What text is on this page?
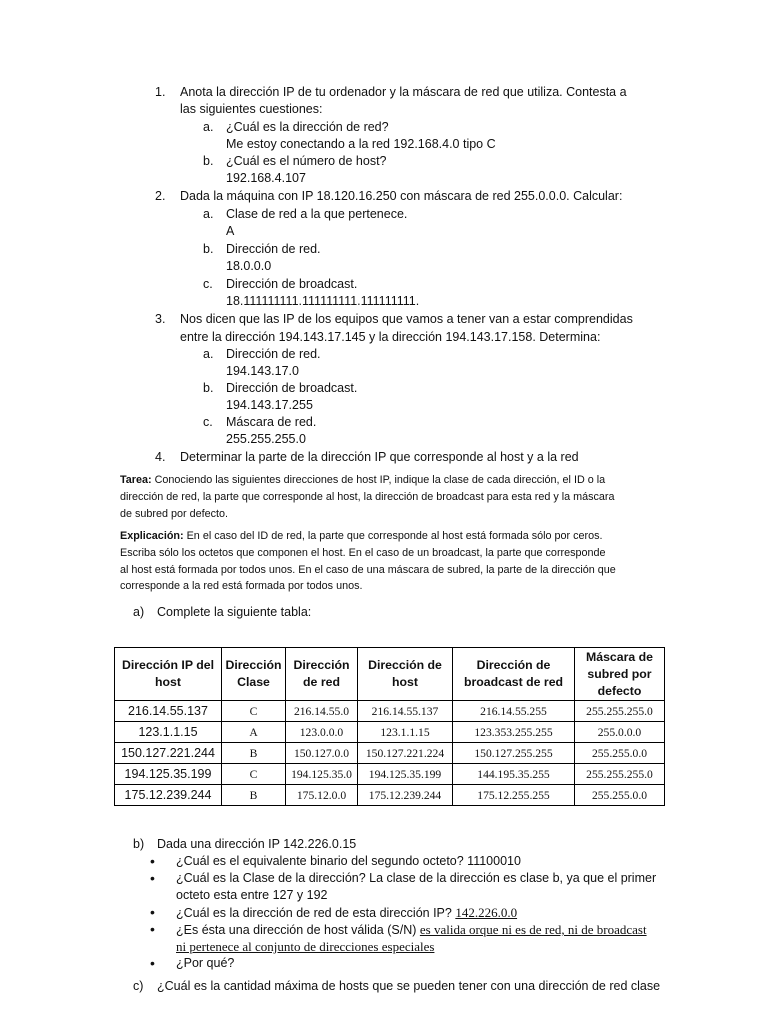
1. Anota la dirección IP de tu ordenador y la máscara de red que utiliza. Contesta a
las siguientes cuestiones:
a. ¿Cuál es la dirección de red?
Me estoy conectando a la red 192.168.4.0 tipo C
b. ¿Cuál es el número de host?
192.168.4.107
2. Dada la máquina con IP 18.120.16.250 con máscara de red 255.0.0.0. Calcular:
a. Clase de red a la que pertenece.
A
b. Dirección de red.
18.0.0.0
c. Dirección de broadcast.
18.111111111.111111111.111111111.
3. Nos dicen que las IP de los equipos que vamos a tener van a estar comprendidas
entre la dirección 194.143.17.145 y la dirección 194.143.17.158. Determina:
a. Dirección de red.
194.143.17.0
b. Dirección de broadcast.
194.143.17.255
c. Máscara de red.
255.255.255.0
4. Determinar la parte de la dirección IP que corresponde al host y a la red
Tarea: Conociendo las siguientes direcciones de host IP, indique la clase de cada dirección, el ID o la
dirección de red, la parte que corresponde al host, la dirección de broadcast para esta red y la máscara
de subred por defecto.
Explicación: En el caso del ID de red, la parte que corresponde al host está formada sólo por ceros.
Escriba sólo los octetos que componen el host. En el caso de un broadcast, la parte que corresponde
al host está formada por todos unos. En el caso de una máscara de subred, la parte de la dirección que
corresponde a la red está formada por todos unos.
a) Complete la siguiente tabla:
Dirección IP del host	Dirección Clase	Dirección de red	Dirección de host	Dirección de broadcast de red	Máscara de subred por defecto
216.14.55.137	C	216.14.55.0	216.14.55.137	216.14.55.255	255.255.255.0
123.1.1.15	A	123.0.0.0	123.1.1.15	123.353.255.255	255.0.0.0
150.127.221.244	B	150.127.0.0	150.127.221.224	150.127.255.255	255.255.0.0
194.125.35.199	C	194.125.35.0	194.125.35.199	144.195.35.255	255.255.255.0
175.12.239.244	B	175.12.0.0	175.12.239.244	175.12.255.255	255.255.0.0
b) Dada una dirección IP 142.226.0.15
• ¿Cuál es el equivalente binario del segundo octeto? 11100010
• ¿Cuál es la Clase de la dirección? La clase de la dirección es clase b, ya que el primer
octeto esta entre 127 y 192
• ¿Cuál es la dirección de red de esta dirección IP? 142.226.0.0
• ¿Es ésta una dirección de host válida (S/N) es valida orque ni es de red, ni de broadcast
ni pertenece al conjunto de direcciones especiales
• ¿Por qué?
c) ¿Cuál es la cantidad máxima de hosts que se pueden tener con una dirección de red clase
